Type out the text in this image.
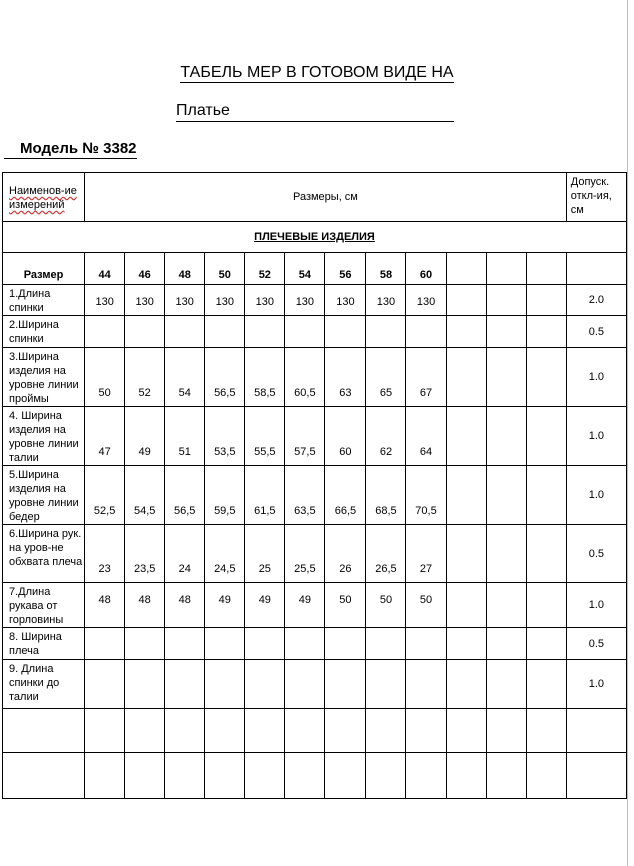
ТАБЕЛЬ МЕР В ГОТОВОМ ВИДЕ НА
Платье
Модель № 3382
Наименов-ие измерений	Размеры, см												Допуск. откл-ия, см
ПЛЕЧЕВЫЕ ИЗДЕЛИЯ													
Размер	44	46	48	50	52	54	56	58	60				
1.Длина спинки	130	130	130	130	130	130	130	130	130				2.0
2.Ширина спинки													0.5
3.Ширина изделия на уровне линии проймы	50	52	54	56,5	58,5	60,5	63	65	67				1.0
4. Ширина изделия на уровне линии талии	47	49	51	53,5	55,5	57,5	60	62	64				1.0
5.Ширина изделия на уровне линии бедер	52,5	54,5	56,5	59,5	61,5	63,5	66,5	68,5	70,5				1.0
6.Ширина рук. на уров-не обхвата плеча	23	23,5	24	24,5	25	25,5	26	26,5	27				0.5
7.Длина рукава от горловины	48	48	48	49	49	49	50	50	50				1.0
8. Ширина плеча													0.5
9. Длина спинки до талии													1.0
